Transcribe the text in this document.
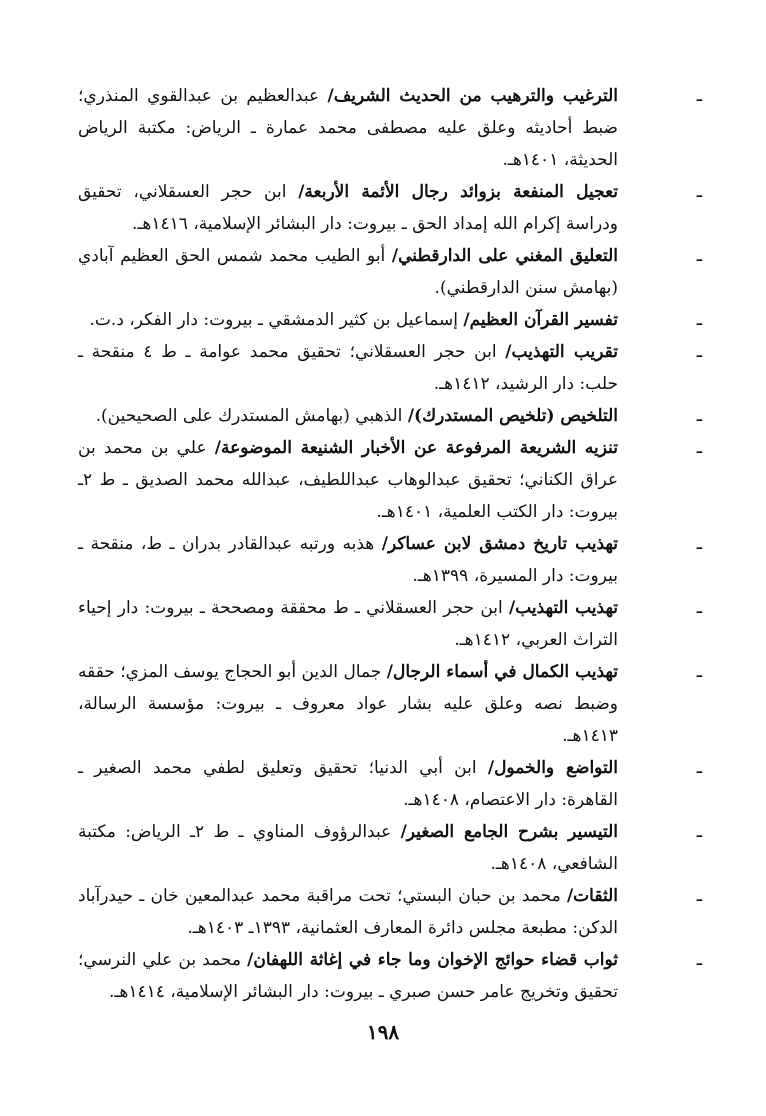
ـ
الترغيب والترهيب من الحديث الشريف/ عبدالعظيم بن عبدالقوي المنذري؛ ضبط أحاديثه وعلق عليه مصطفى محمد عمارة ـ الرياض: مكتبة الرياض الحديثة، ١٤٠١هـ.
ـ
تعجيل المنفعة بزوائد رجال الأئمة الأربعة/ ابن حجر العسقلاني، تحقيق ودراسة إكرام الله إمداد الحق ـ بيروت: دار البشائر الإسلامية، ١٤١٦هـ.
ـ
التعليق المغني على الدارقطني/ أبو الطيب محمد شمس الحق العظيم آبادي (بهامش سنن الدارقطني).
ـ
تفسير القرآن العظيم/ إسماعيل بن كثير الدمشقي ـ بيروت: دار الفكر، د.ت.
ـ
تقريب التهذيب/ ابن حجر العسقلاني؛ تحقيق محمد عوامة ـ ط ٤ منقحة ـ حلب: دار الرشيد، ١٤١٢هـ.
ـ
التلخيص (تلخيص المستدرك)/ الذهبي (بهامش المستدرك على الصحيحين).
ـ
تنزيه الشريعة المرفوعة عن الأخبار الشنيعة الموضوعة/ علي بن محمد بن عراق الكناني؛ تحقيق عبدالوهاب عبداللطيف، عبدالله محمد الصديق ـ ط ٢ـ بيروت: دار الكتب العلمية، ١٤٠١هـ.
ـ
تهذيب تاريخ دمشق لابن عساكر/ هذبه ورتبه عبدالقادر بدران ـ ط، منقحة ـ بيروت: دار المسيرة، ١٣٩٩هـ.
ـ
تهذيب التهذيب/ ابن حجر العسقلاني ـ ط محققة ومصححة ـ بيروت: دار إحياء التراث العربي، ١٤١٢هـ.
ـ
تهذيب الكمال في أسماء الرجال/ جمال الدين أبو الحجاج يوسف المزي؛ حققه وضبط نصه وعلق عليه بشار عواد معروف ـ بيروت: مؤسسة الرسالة، ١٤١٣هـ.
ـ
التواضع والخمول/ ابن أبي الدنيا؛ تحقيق وتعليق لطفي محمد الصغير ـ القاهرة: دار الاعتصام، ١٤٠٨هـ.
ـ
التيسير بشرح الجامع الصغير/ عبدالرؤوف المناوي ـ ط ٢ـ الرياض: مكتبة الشافعي، ١٤٠٨هـ.
ـ
الثقات/ محمد بن حبان البستي؛ تحت مراقبة محمد عبدالمعين خان ـ حيدرآباد الدكن: مطبعة مجلس دائرة المعارف العثمانية، ١٣٩٣ـ ١٤٠٣هـ.
ـ
ثواب قضاء حوائج الإخوان وما جاء في إغاثة اللهفان/ محمد بن علي النرسي؛ تحقيق وتخريج عامر حسن صبري ـ بيروت: دار البشائر الإسلامية، ١٤١٤هـ.
١٩٨
